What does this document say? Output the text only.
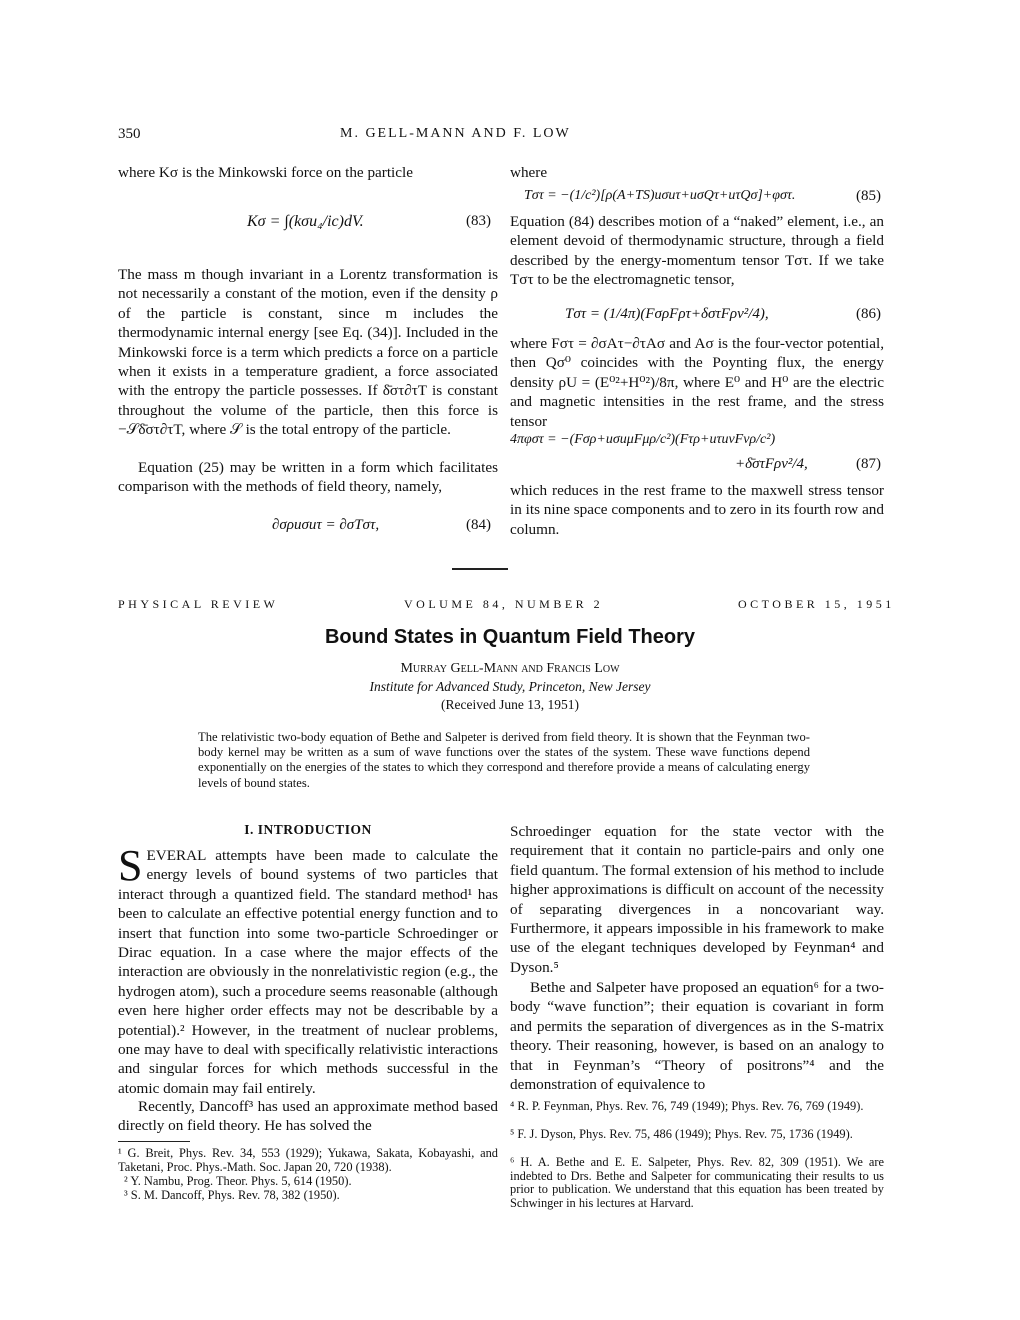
350	M. GELL-MANN AND F. LOW
where Kσ is the Minkowski force on the particle
Kσ = ∫(kσu₄/ic)dV.	(83)
The mass m though invariant in a Lorentz transformation is not necessarily a constant of the motion, even if the density ρ of the particle is constant, since m includes the thermodynamic internal energy [see Eq. (34)]. Included in the Minkowski force is a term which predicts a force on a particle when it exists in a temperature gradient, a force associated with the entropy the particle possesses. If δ̄στ∂τT is constant throughout the volume of the particle, then this force is −𝒮δ̄στ∂τT, where 𝒮 is the total entropy of the particle.
Equation (25) may be written in a form which facilitates comparison with the methods of field theory, namely,
∂σρuσuτ = ∂σTστ,	(84)
where
Tστ = −(1/c²)[ρ(A+TS)uσuτ+uσQτ+uτQσ]+φστ.	(85)
Equation (84) describes motion of a “naked” element, i.e., an element devoid of thermodynamic structure, through a field described by the energy-momentum tensor Tστ. If we take Tστ to be the electromagnetic tensor,
Tστ = (1/4π)(FσρFρτ+δστFρν²/4),	(86)
where Fστ = ∂σAτ−∂τAσ and Aσ is the four-vector potential, then Qσ⁰ coincides with the Poynting flux, the energy density ρU = (E⁰²+H⁰²)/8π, where E⁰ and H⁰ are the electric and magnetic intensities in the rest frame, and the stress tensor
4πφστ = −(Fσρ+uσuμFμρ/c²)(Fτρ+uτuνFνρ/c²)
+δ̄στFρν²/4,	(87)
which reduces in the rest frame to the maxwell stress tensor in its nine space components and to zero in its fourth row and column.
PHYSICAL REVIEW	VOLUME 84, NUMBER 2	OCTOBER 15, 1951
Bound States in Quantum Field Theory
Murray Gell-Mann and Francis Low
Institute for Advanced Study, Princeton, New Jersey
(Received June 13, 1951)
The relativistic two-body equation of Bethe and Salpeter is derived from field theory. It is shown that the Feynman two-body kernel may be written as a sum of wave functions over the states of the system. These wave functions depend exponentially on the energies of the states to which they correspond and therefore provide a means of calculating energy levels of bound states.
I. INTRODUCTION
S EVERAL attempts have been made to calculate the energy levels of bound systems of two particles that interact through a quantized field. The standard method¹ has been to calculate an effective potential energy function and to insert that function into some two-particle Schroedinger or Dirac equation. In a case where the major effects of the interaction are obviously in the nonrelativistic region (e.g., the hydrogen atom), such a procedure seems reasonable (although even here higher order effects may not be describable by a potential).² However, in the treatment of nuclear problems, one may have to deal with specifically relativistic interactions and singular forces for which methods successful in the atomic domain may fail entirely.
Recently, Dancoff³ has used an approximate method based directly on field theory. He has solved the
¹ G. Breit, Phys. Rev. 34, 553 (1929); Yukawa, Sakata, Kobayashi, and Taketani, Proc. Phys.-Math. Soc. Japan 20, 720 (1938).
² Y. Nambu, Prog. Theor. Phys. 5, 614 (1950).
³ S. M. Dancoff, Phys. Rev. 78, 382 (1950).
Schroedinger equation for the state vector with the requirement that it contain no particle-pairs and only one field quantum. The formal extension of his method to include higher approximations is difficult on account of the necessity of separating divergences in a noncovariant way. Furthermore, it appears impossible in his framework to make use of the elegant techniques developed by Feynman⁴ and Dyson.⁵
Bethe and Salpeter have proposed an equation⁶ for a two-body “wave function”; their equation is covariant in form and permits the separation of divergences as in the S-matrix theory. Their reasoning, however, is based on an analogy to that in Feynman’s “Theory of positrons”⁴ and the demonstration of equivalence to
⁴ R. P. Feynman, Phys. Rev. 76, 749 (1949); Phys. Rev. 76, 769 (1949).
⁵ F. J. Dyson, Phys. Rev. 75, 486 (1949); Phys. Rev. 75, 1736 (1949).
⁶ H. A. Bethe and E. E. Salpeter, Phys. Rev. 82, 309 (1951). We are indebted to Drs. Bethe and Salpeter for communicating their results to us prior to publication. We understand that this equation has been treated by Schwinger in his lectures at Harvard.
